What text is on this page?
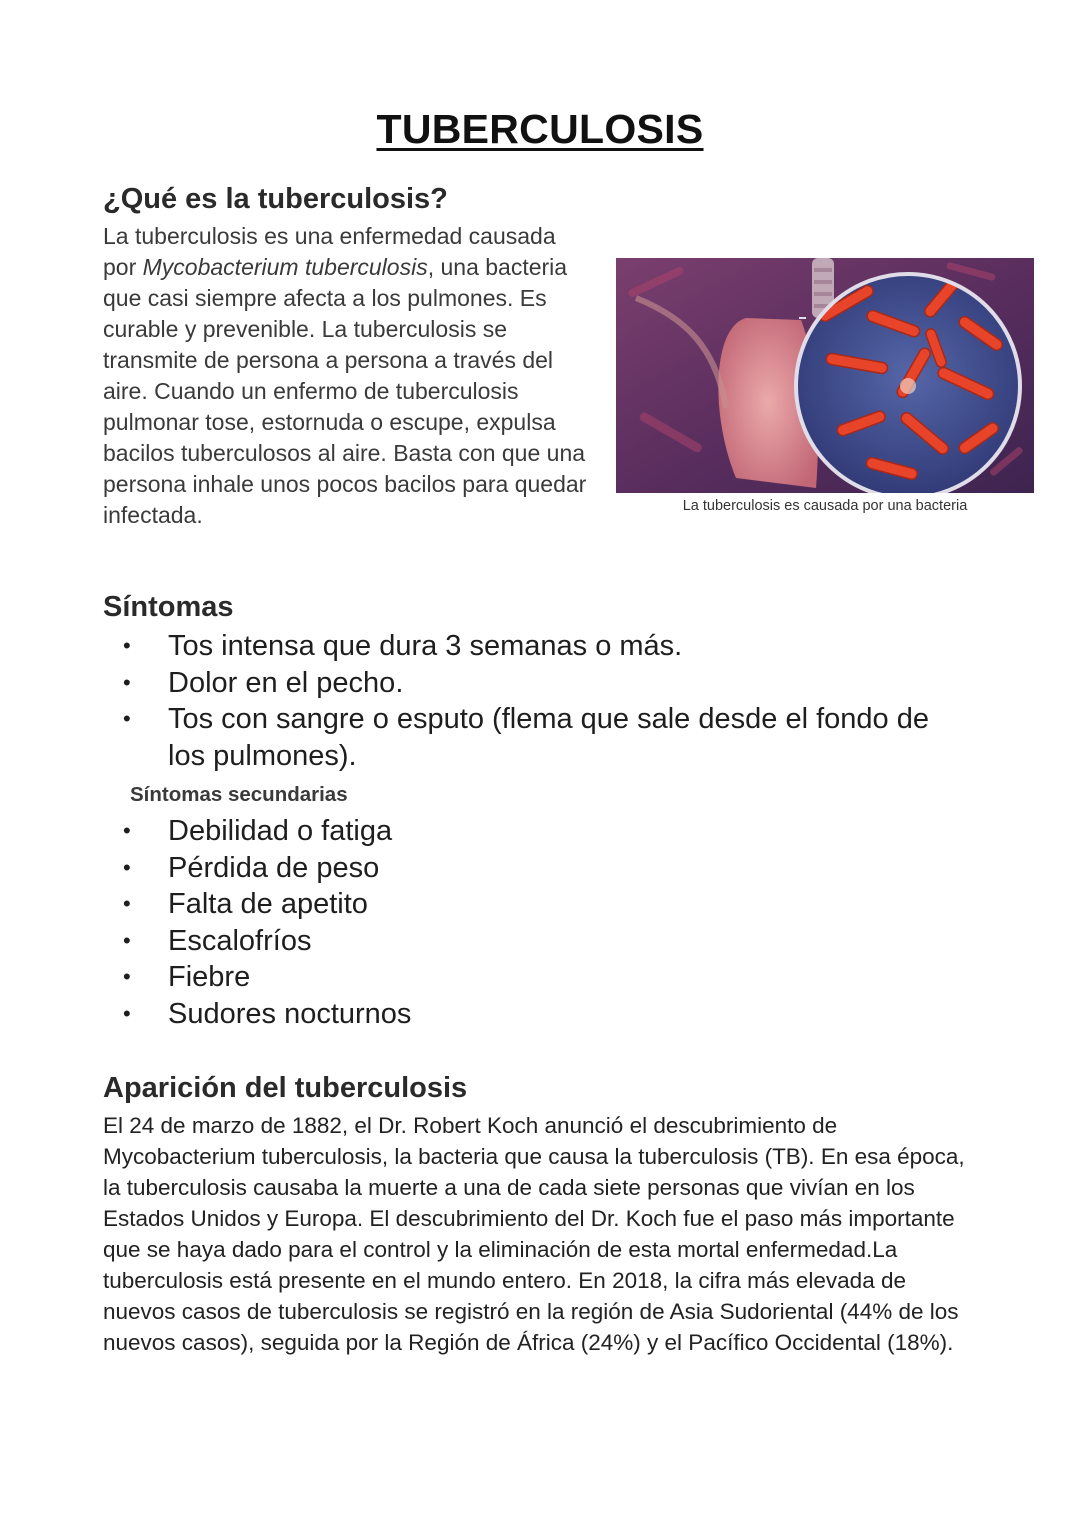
TUBERCULOSIS
¿Qué es la tuberculosis?

La tuberculosis es una enfermedad causada por Mycobacterium tuberculosis, una bacteria que casi siempre afecta a los pulmones. Es curable y prevenible. La tuberculosis se transmite de persona a persona a través del aire. Cuando un enfermo de tuberculosis pulmonar tose, estornuda o escupe, expulsa bacilos tuberculosos al aire. Basta con que una persona inhale unos pocos bacilos para quedar infectada.	La tuberculosis es causada por una bacteria
Síntomas
• Tos intensa que dura 3 semanas o más.
• Dolor en el pecho.
• Tos con sangre o esputo (flema que sale desde el fondo de los pulmones).
Síntomas secundarias
• Debilidad o fatiga
• Pérdida de peso
• Falta de apetito
• Escalofríos
• Fiebre
• Sudores nocturnos
Aparición del tuberculosis

El 24 de marzo de 1882, el Dr. Robert Koch anunció el descubrimiento de Mycobacterium tuberculosis, la bacteria que causa la tuberculosis (TB). En esa época, la tuberculosis causaba la muerte a una de cada siete personas que vivían en los Estados Unidos y Europa. El descubrimiento del Dr. Koch fue el paso más importante que se haya dado para el control y la eliminación de esta mortal enfermedad.La tuberculosis está presente en el mundo entero. En 2018, la cifra más elevada de nuevos casos de tuberculosis se registró en la región de Asia Sudoriental (44% de los nuevos casos), seguida por la Región de África (24%) y el Pacífico Occidental (18%).
